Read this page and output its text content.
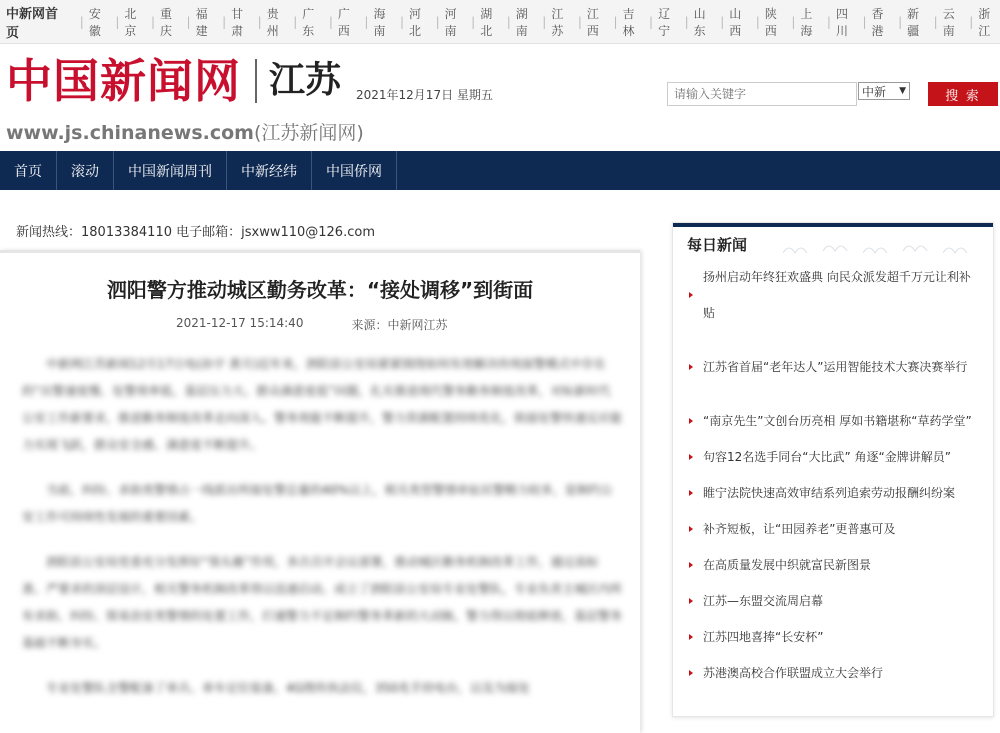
中新网首页
|
安徽
|
北京
|
重庆
|
福建
|
甘肃
|
贵州
|
广东
|
广西
|
海南
|
河北
|
河南
|
湖北
|
湖南
|
江苏
|
江西
|
吉林
|
辽宁
|
山东
|
山西
|
陕西
|
上海
|
四川
|
香港
|
新疆
|
云南
|
浙江
中国新闻网 江苏 2021年12月17日 星期五
www.js.chinanews.com(江苏新闻网)
请输入关键字
中新 ▼	搜 索
首页	滚动	中国新闻周刊	中新经纬	中国侨网
新闻热线：18013384110 电子邮箱：jsxww110@126.com
泗阳警方推动城区勤务改革：“接处调移”到街面
2021-12-17 15:14:40	来源：中新网江苏

中新网江苏新闻12月17日电(孙宇 黄月)近年来，泗阳县公安局紧紧围绕如何有效解决传统接警模式中存在的“出警速度慢、处警效率低、基层压力大、群众满意度低”问题，扎实推进现代警务勤务制度改革，对标新时代公安工作新要求，推进勤务制度改革走向深入。警务效能不断提升，警力资源配置持续优化，街面处警快速反应能力实现飞跃，群众安全感、满意度不断提升。

当前，纠纷、求助类警情占一线派出所接处警总量的40%以上，相关类型警情牵扯民警精力较多，是制约公安工作可持续性发展的重要因素。

泗阳县公安局党委充分发挥好“领头雁”作用，多次召开会议部署，推动城区勤务机制改革工作，通过高标准、严要求的顶层设计，相关警务机制改革得以迅速启动。成立了泗阳县公安局专业处警队，专业负责主城区内所有求助、纠纷、简易治安类警情的处置工作，打通警力不足制约警务革新的大动脉，警力得以彻底释放，基层警务基础不断夯实。

专业处警队全警配备了单兵、单车定位装备，4G图传执法仪，350兆手持电台，以及为接处

每日新闻
扬州启动年终狂欢盛典 向民众派发超千万元让利补贴
江苏省首届“老年达人”运用智能技术大赛决赛举行
“南京先生”文创台历亮相 厚如书籍堪称“草药学堂”
句容12名选手同台“大比武” 角逐“金牌讲解员”
睢宁法院快速高效审结系列追索劳动报酬纠纷案
补齐短板，让“田园养老”更普惠可及
在高质量发展中织就富民新图景
江苏—东盟交流周启幕
江苏四地喜捧“长安杯”
苏港澳高校合作联盟成立大会举行
